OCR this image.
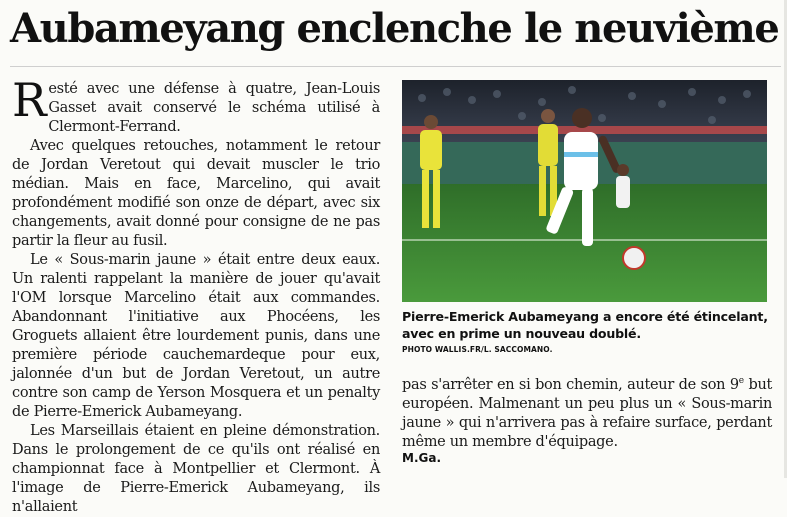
Aubameyang enclenche le neuvième

Resté avec une défense à quatre, Jean-Louis Gasset avait conservé le schéma utilisé à Clermont-Ferrand.

Avec quelques retouches, notamment le retour de Jordan Veretout qui devait muscler le trio médian. Mais en face, Marcelino, qui avait profondément modifié son onze de départ, avec six changements, avait donné pour consigne de ne pas partir la fleur au fusil.

Le « Sous-marin jaune » était entre deux eaux. Un ralenti rappelant la manière de jouer qu'avait l'OM lorsque Marcelino était aux commandes. Abandonnant l'initiative aux Phocéens, les Groguets allaient être lourdement punis, dans une première période cauchemardeque pour eux, jalonnée d'un but de Jordan Veretout, un autre contre son camp de Yerson Mosquera et un penalty de Pierre-Emerick Aubameyang.

Les Marseillais étaient en pleine démonstration. Dans le prolongement de ce qu'ils ont réalisé en championnat face à Montpellier et Clermont. À l'image de Pierre-Emerick Aubameyang, ils n'allaient

Pierre-Emerick Aubameyang a encore été étincelant, avec en prime un nouveau doublé.
PHOTO WALLIS.FR/L. SACCOMANO.

pas s'arrêter en si bon chemin, auteur de son 9e but européen. Malmenant un peu plus un « Sous-marin jaune » qui n'arrivera pas à refaire surface, perdant même un membre d'équipage.

M.Ga.
